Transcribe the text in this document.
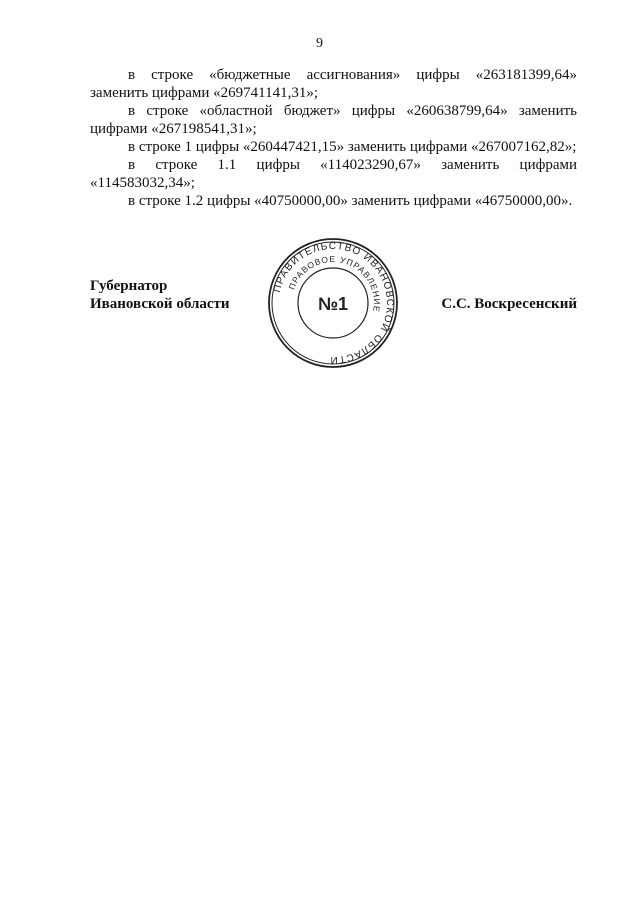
9

в строке «бюджетные ассигнования» цифры «263181399,64» заменить цифрами «269741141,31»;

в строке «областной бюджет» цифры «260638799,64» заменить цифрами «267198541,31»;

в строке 1 цифры «260447421,15» заменить цифрами «267007162,82»;

в строке 1.1 цифры «114023290,67» заменить цифрами «114583032,34»;

в строке 1.2 цифры «40750000,00» заменить цифрами «46750000,00».

Губернатор
Ивановской области
ПРАВИТЕЛЬСТВО ИВАНОВСКОЙ ОБЛАСТИ
ПРАВОВОЕ УПРАВЛЕНИЕ
№1	С.С. Воскресенский
